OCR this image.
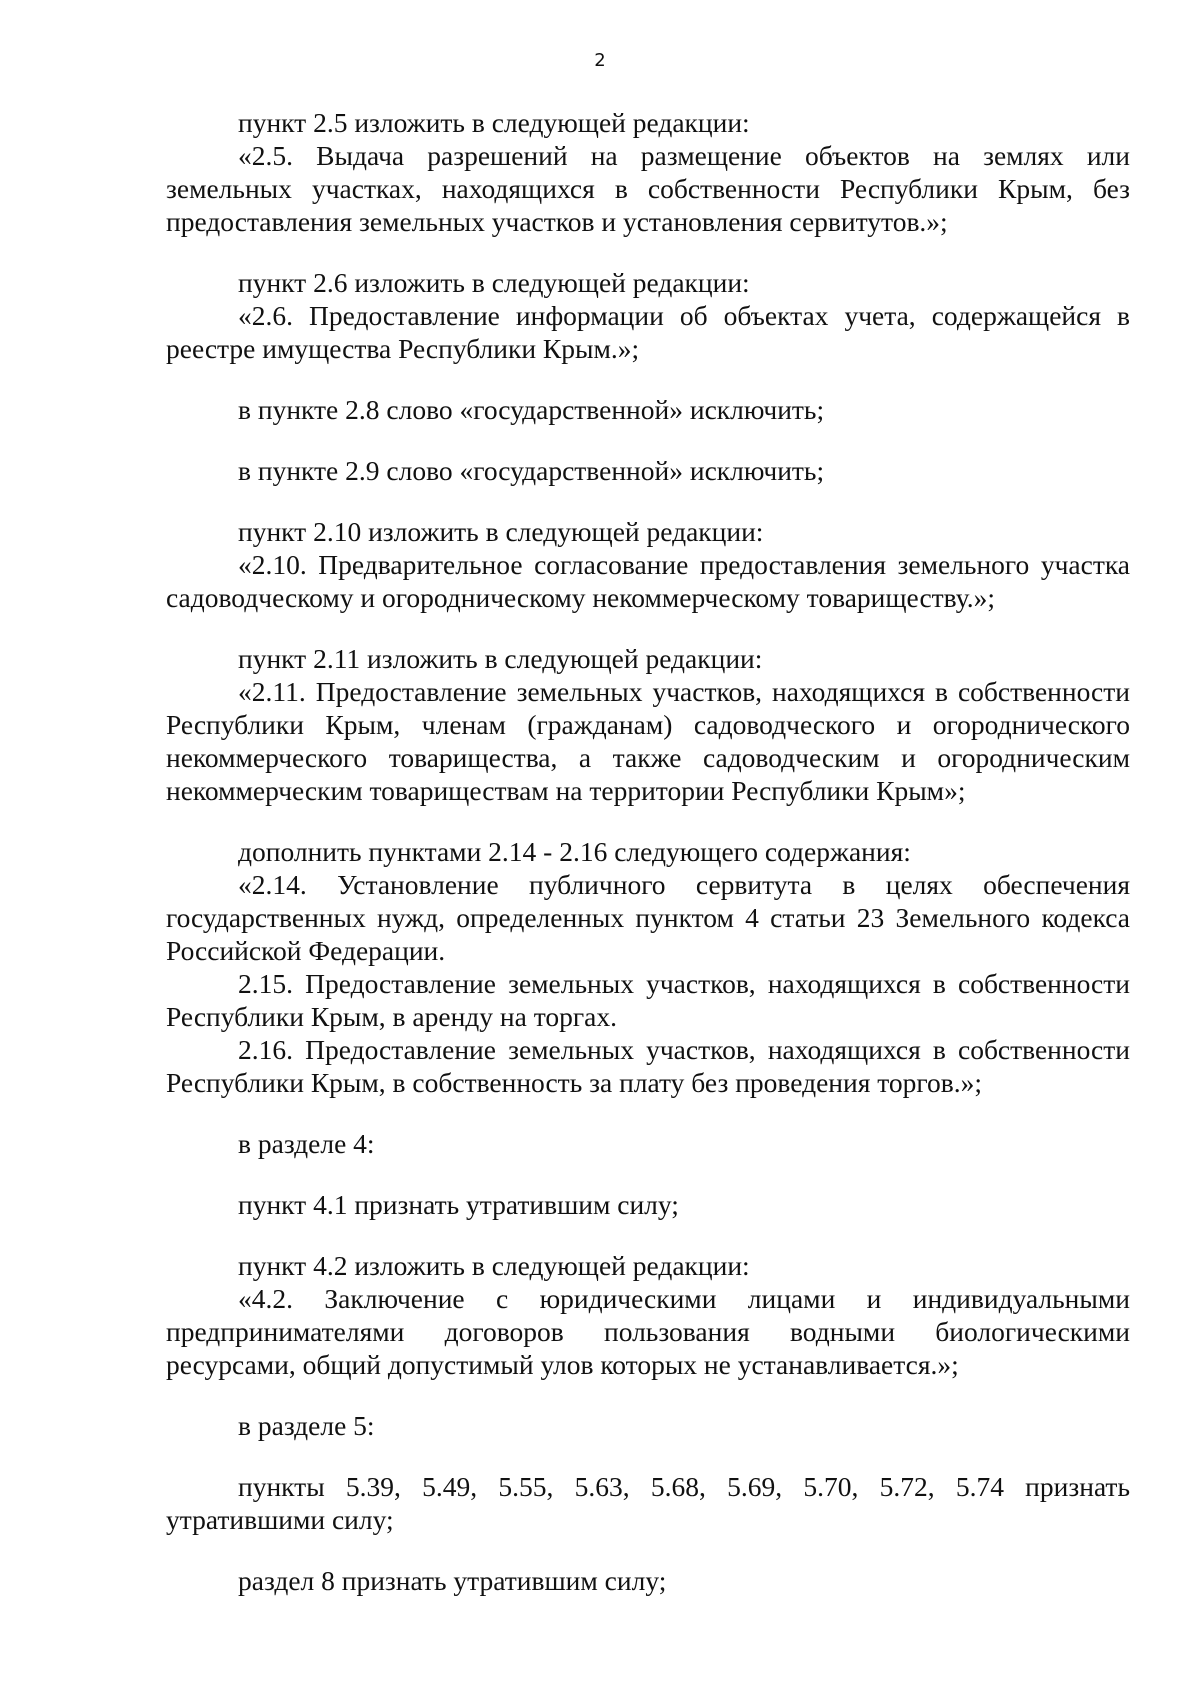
2

пункт 2.5 изложить в следующей редакции:

«2.5. Выдача разрешений на размещение объектов на землях или земельных участках, находящихся в собственности Республики Крым, без предоставления земельных участков и установления сервитутов.»;

пункт 2.6 изложить в следующей редакции:

«2.6. Предоставление информации об объектах учета, содержащейся в реестре имущества Республики Крым.»;

в пункте 2.8 слово «государственной» исключить;

в пункте 2.9 слово «государственной» исключить;

пункт 2.10 изложить в следующей редакции:

«2.10. Предварительное согласование предоставления земельного участка садоводческому и огородническому некоммерческому товариществу.»;

пункт 2.11 изложить в следующей редакции:

«2.11. Предоставление земельных участков, находящихся в собственности Республики Крым, членам (гражданам) садоводческого и огороднического некоммерческого товарищества, а также садоводческим и огородническим некоммерческим товариществам на территории Республики Крым»;

дополнить пунктами 2.14 - 2.16 следующего содержания:

«2.14. Установление публичного сервитута в целях обеспечения государственных нужд, определенных пунктом 4 статьи 23 Земельного кодекса Российской Федерации.

2.15. Предоставление земельных участков, находящихся в собственности Республики Крым, в аренду на торгах.

2.16. Предоставление земельных участков, находящихся в собственности Республики Крым, в собственность за плату без проведения торгов.»;

в разделе 4:

пункт 4.1 признать утратившим силу;

пункт 4.2 изложить в следующей редакции:

«4.2. Заключение с юридическими лицами и индивидуальными предпринимателями договоров пользования водными биологическими ресурсами, общий допустимый улов которых не устанавливается.»;

в разделе 5:

пункты 5.39, 5.49, 5.55, 5.63, 5.68, 5.69, 5.70, 5.72, 5.74 признать утратившими силу;

раздел 8 признать утратившим силу;
